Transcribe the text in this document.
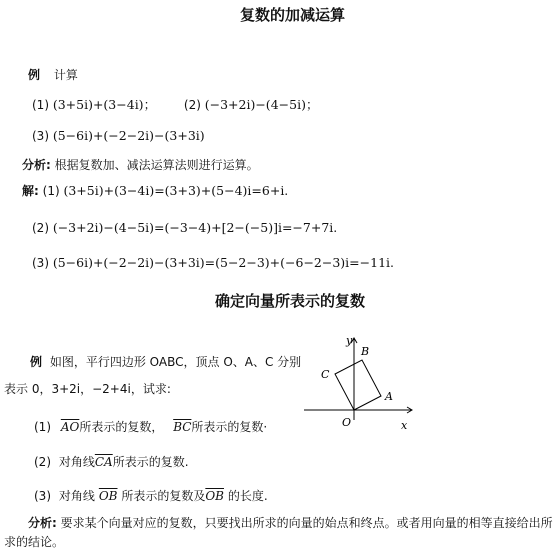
复数的加减运算
例 计算
(1) (3+5i)+(3−4i)； (2) (−3+2i)−(4−5i)；
(3) (5−6i)+(−2−2i)−(3+3i)
分析: 根据复数加、减法运算法则进行运算。
解: (1) (3+5i)+(3−4i)=(3+3)+(5−4)i=6+i.
(2) (−3+2i)−(4−5i)=(−3−4)+[2−(−5)]i=−7+7i.
(3) (5−6i)+(−2−2i)−(3+3i)=(5−2−3)+(−6−2−3)i=−11i.
确定向量所表示的复数
例 如图，平行四边形 OABC，顶点 O、A、C 分别
表示 0，3+2i，−2+4i，试求:
(1) $\overline{AO}$所表示的复数， $\overline{BC}$所表示的复数·
(2) 对角线$\overline{CA}$所表示的复数.
(3) 对角线 $\overline{OB}$ 所表示的复数及$\overline{OB}$ 的长度.
分析: 要求某个向量对应的复数，只要找出所求的向量的始点和终点。或者用向量的相等直接给出所
求的结论。
y
x
O
A
B
C
